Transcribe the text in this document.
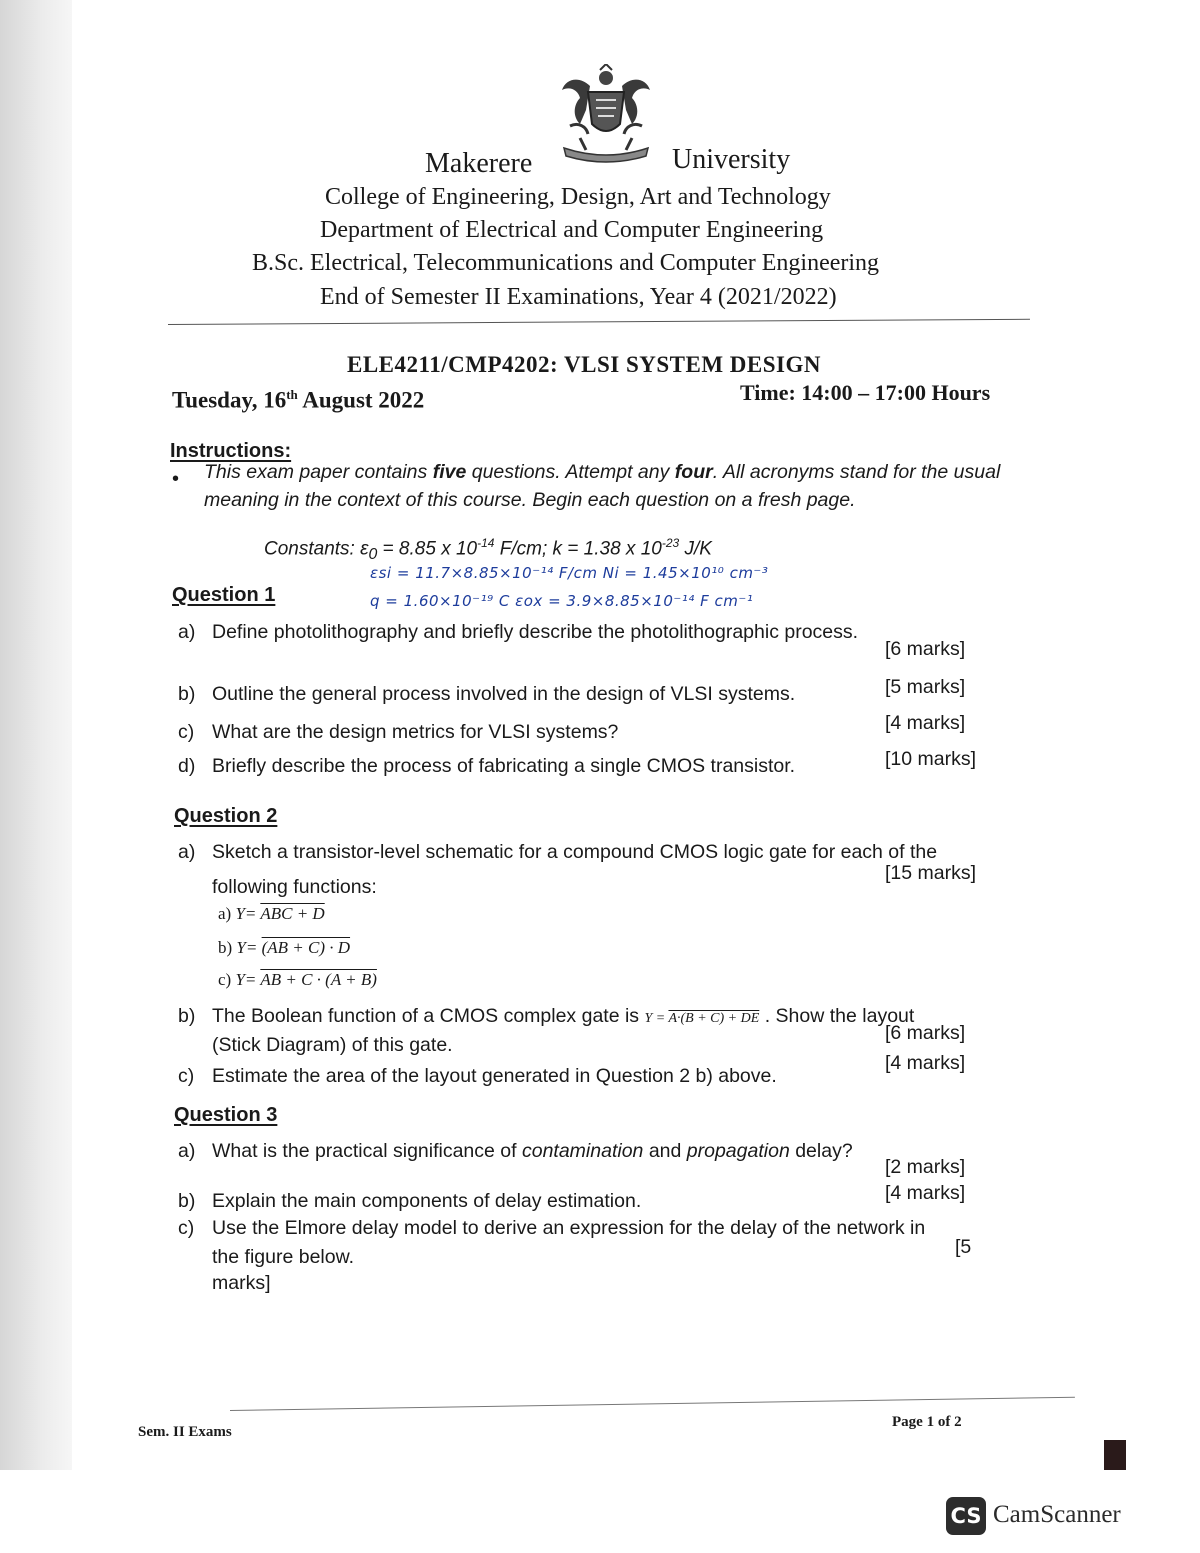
Makerere	University
College of Engineering, Design, Art and Technology
Department of Electrical and Computer Engineering
B.Sc. Electrical, Telecommunications and Computer Engineering
End of Semester II Examinations, Year 4 (2021/2022)
ELE4211/CMP4202: VLSI SYSTEM DESIGN
Tuesday, 16th August 2022	Time: 14:00 – 17:00 Hours
Instructions:
• This exam paper contains five questions. Attempt any four. All acronyms stand for the usual meaning in the context of this course. Begin each question on a fresh page.
Constants: $\varepsilon_0 = 8.85$ x $10^{-14}$ F/cm; k = 1.38 x $10^{-23}$ J/K
εsi = 11.7×8.85×10⁻¹⁴ F/cm Ni = 1.45×10¹⁰ cm⁻³
q = 1.60×10⁻¹⁹ C εox = 3.9×8.85×10⁻¹⁴ F cm⁻¹
Question 1
a) Define photolithography and briefly describe the photolithographic process.
[6 marks]
b) Outline the general process involved in the design of VLSI systems.	[5 marks]
c) What are the design metrics for VLSI systems?	[4 marks]
d) Briefly describe the process of fabricating a single CMOS transistor.	[10 marks]
Question 2
a) Sketch a transistor-level schematic for a compound CMOS logic gate for each of the
following functions:
[15 marks]
a) Y= ABC + D
b) Y= (AB + C) · D
c) Y= AB + C · (A + B)
b) The Boolean function of a CMOS complex gate is Y = A·(B + C) + DE . Show the layout
(Stick Diagram) of this gate.
[6 marks]
c) Estimate the area of the layout generated in Question 2 b) above.
[4 marks]
Question 3
a) What is the practical significance of contamination and propagation delay?
[2 marks]
b) Explain the main components of delay estimation.	[4 marks]
c) Use the Elmore delay model to derive an expression for the delay of the network in
the figure below.	[5
marks]
Sem. II Exams
Page 1 of 2
CS CamScanner
